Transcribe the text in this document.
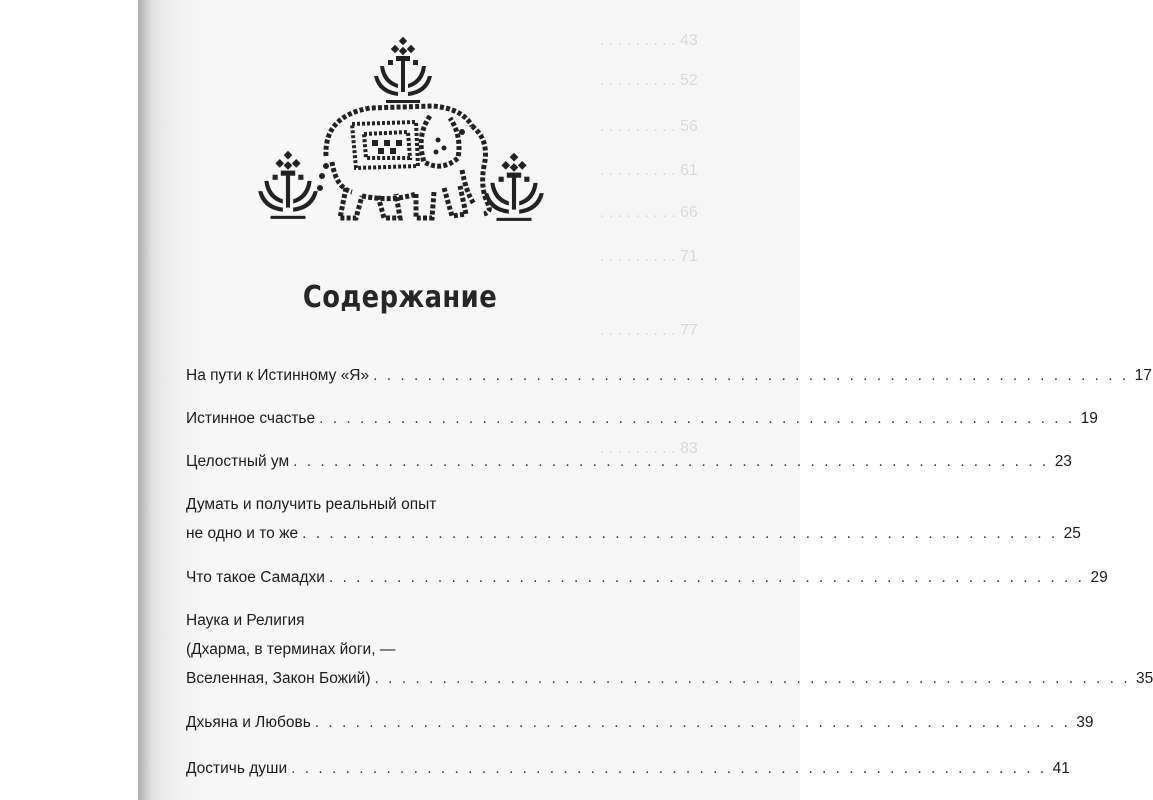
Содержание
На пути к Истинному «Я» . . . . . . . . . . . . . . . . . . . . . . . . . . . . . . . . . . . . . . . . . . . . . . . . . . . . . . . . 17
Истинное счастье . . . . . . . . . . . . . . . . . . . . . . . . . . . . . . . . . . . . . . . . . . . . . . . . . . . . . . . . 19
Целостный ум . . . . . . . . . . . . . . . . . . . . . . . . . . . . . . . . . . . . . . . . . . . . . . . . . . . . . . . . 23
Думать и получить реальный опыт
не одно и то же . . . . . . . . . . . . . . . . . . . . . . . . . . . . . . . . . . . . . . . . . . . . . . . . . . . . . . . . 25
Что такое Самадхи . . . . . . . . . . . . . . . . . . . . . . . . . . . . . . . . . . . . . . . . . . . . . . . . . . . . . . . . 29
Наука и Религия
(Дхарма, в терминах йоги, —
Вселенная, Закон Божий) . . . . . . . . . . . . . . . . . . . . . . . . . . . . . . . . . . . . . . . . . . . . . . . . . . . . . . . . 35
Дхьяна и Любовь . . . . . . . . . . . . . . . . . . . . . . . . . . . . . . . . . . . . . . . . . . . . . . . . . . . . . . . . 39
Достичь души . . . . . . . . . . . . . . . . . . . . . . . . . . . . . . . . . . . . . . . . . . . . . . . . . . . . . . . . 41
